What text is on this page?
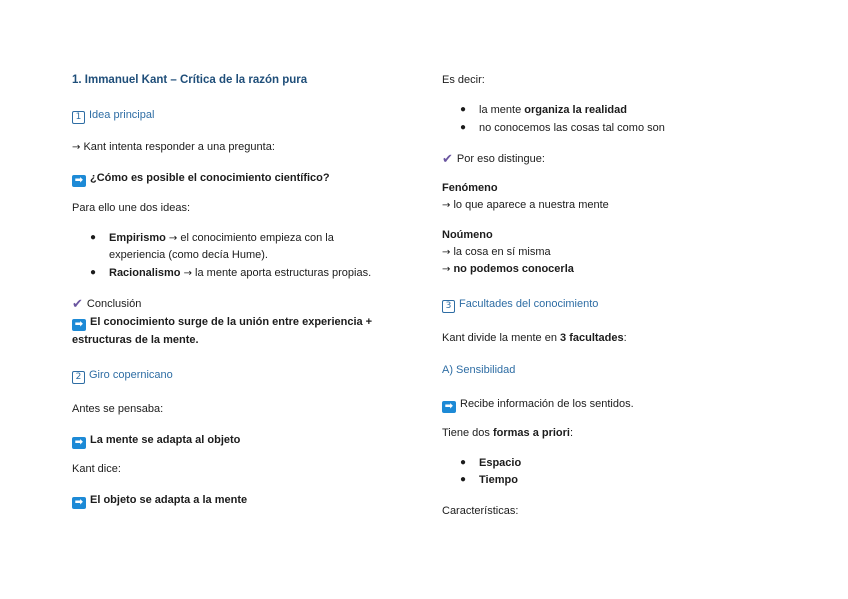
1. Immanuel Kant – Crítica de la razón pura
1 Idea principal
→ Kant intenta responder a una pregunta:
➡ ¿Cómo es posible el conocimiento científico?
Para ello une dos ideas:
● Empirismo → el conocimiento empieza con la
experiencia (como decía Hume).
● Racionalismo → la mente aporta estructuras propias.
✔ Conclusión
➡ El conocimiento surge de la unión entre experiencia +
estructuras de la mente.
2 Giro copernicano
Antes se pensaba:
➡ La mente se adapta al objeto
Kant dice:
➡ El objeto se adapta a la mente
Es decir:
● la mente organiza la realidad
● no conocemos las cosas tal como son
✔ Por eso distingue:
Fenómeno
→ lo que aparece a nuestra mente
Noúmeno
→ la cosa en sí misma
→ no podemos conocerla
3 Facultades del conocimiento
Kant divide la mente en 3 facultades:
A) Sensibilidad
➡ Recibe información de los sentidos.
Tiene dos formas a priori:
● Espacio
● Tiempo
Características:
